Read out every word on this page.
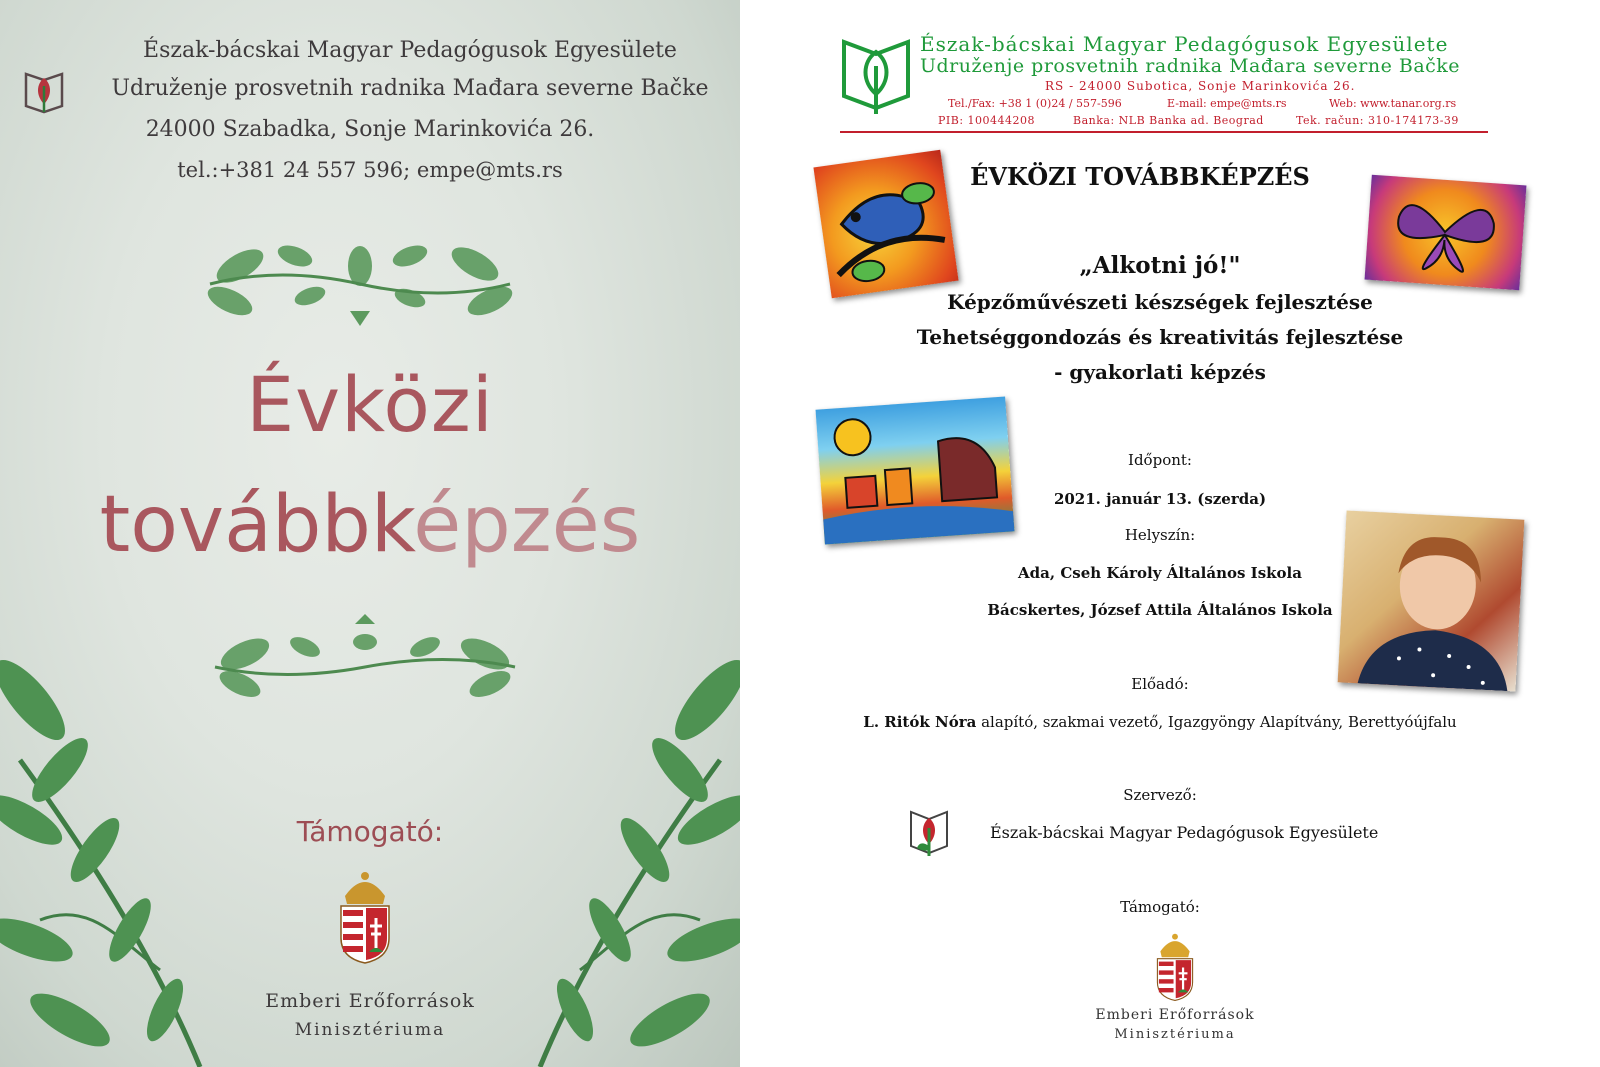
Észak-bácskai Magyar Pedagógusok Egyesülete
Udruženje prosvetnih radnika Mađara severne Bačke
24000 Szabadka, Sonje Marinkovića 26.
tel.:+381 24 557 596; empe@mts.rs
Évközi
továbbképzés
Támogató:
Emberi Erőforrások
Minisztériuma
Észak-bácskai Magyar Pedagógusok Egyesülete
Udruženje prosvetnih radnika Mađara severne Bačke
RS - 24000 Subotica, Sonje Marinkovića 26.
Tel./Fax: +38 1 (0)24 / 557-596	E-mail: empe@mts.rs	Web: www.tanar.org.rs
PIB: 100444208	Banka: NLB Banka ad. Beograd	Tek. račun: 310-174173-39
ÉVKÖZI TOVÁBBKÉPZÉS
„Alkotni jó!"
Képzőművészeti készségek fejlesztése
Tehetséggondozás és kreativitás fejlesztése
- gyakorlati képzés
Időpont:
2021. január 13. (szerda)
Helyszín:
Ada, Cseh Károly Általános Iskola
Bácskertes, József Attila Általános Iskola
Előadó:
L. Ritók Nóra alapító, szakmai vezető, Igazgyöngy Alapítvány, Berettyóújfalu
Szervező:
Észak-bácskai Magyar Pedagógusok Egyesülete
Támogató:
Emberi Erőforrások
Minisztériuma
